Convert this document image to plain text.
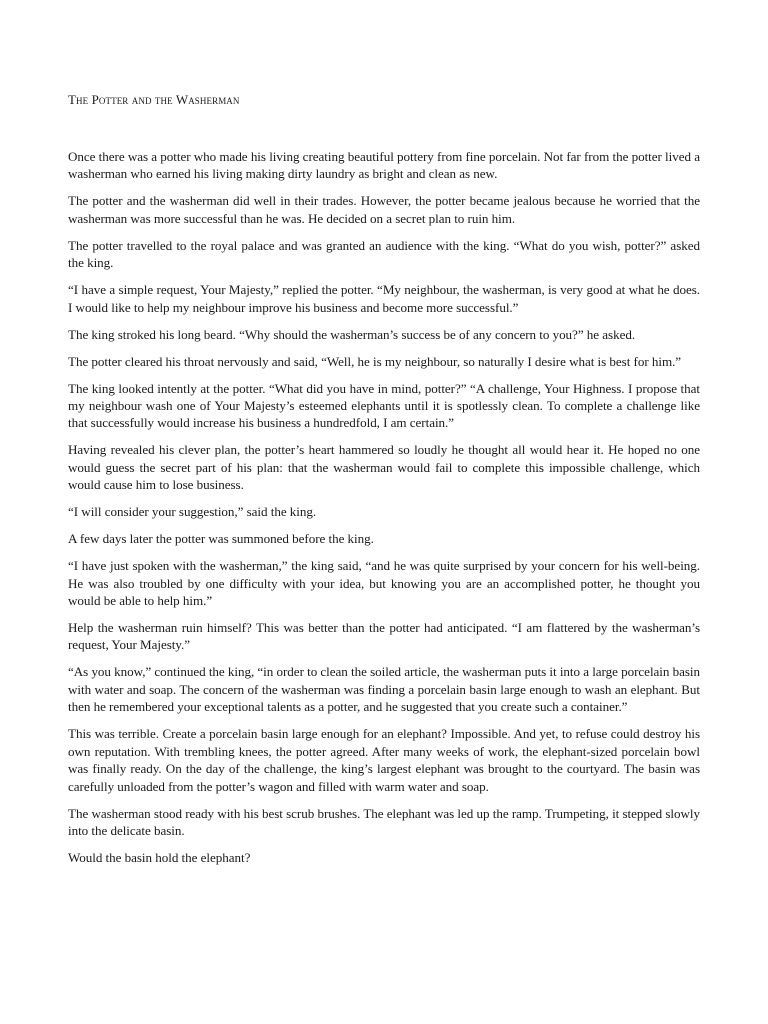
The Potter and the Washerman

Once there was a potter who made his living creating beautiful pottery from fine porcelain. Not far from the potter lived a washerman who earned his living making dirty laundry as bright and clean as new.

The potter and the washerman did well in their trades. However, the potter became jealous because he worried that the washerman was more successful than he was. He decided on a secret plan to ruin him.

The potter travelled to the royal palace and was granted an audience with the king. “What do you wish, potter?” asked the king.

“I have a simple request, Your Majesty,” replied the potter. “My neighbour, the washerman, is very good at what he does. I would like to help my neighbour improve his business and become more successful.”

The king stroked his long beard. “Why should the washerman’s success be of any concern to you?” he asked.

The potter cleared his throat nervously and said, “Well, he is my neighbour, so naturally I desire what is best for him.”

The king looked intently at the potter. “What did you have in mind, potter?” “A challenge, Your Highness. I propose that my neighbour wash one of Your Majesty’s esteemed elephants until it is spotlessly clean. To complete a challenge like that successfully would increase his business a hundredfold, I am certain.”

Having revealed his clever plan, the potter’s heart hammered so loudly he thought all would hear it. He hoped no one would guess the secret part of his plan: that the washerman would fail to complete this impossible challenge, which would cause him to lose business.

“I will consider your suggestion,” said the king.

A few days later the potter was summoned before the king.

“I have just spoken with the washerman,” the king said, “and he was quite surprised by your concern for his well-being. He was also troubled by one difficulty with your idea, but knowing you are an accomplished potter, he thought you would be able to help him.”

Help the washerman ruin himself? This was better than the potter had anticipated. “I am flattered by the washerman’s request, Your Majesty.”

“As you know,” continued the king, “in order to clean the soiled article, the washerman puts it into a large porcelain basin with water and soap. The concern of the washerman was finding a porcelain basin large enough to wash an elephant. But then he remembered your exceptional talents as a potter, and he suggested that you create such a container.”

This was terrible. Create a porcelain basin large enough for an elephant? Impossible. And yet, to refuse could destroy his own reputation. With trembling knees, the potter agreed. After many weeks of work, the elephant-sized porcelain bowl was finally ready. On the day of the challenge, the king’s largest elephant was brought to the courtyard. The basin was carefully unloaded from the potter’s wagon and filled with warm water and soap.

The washerman stood ready with his best scrub brushes. The elephant was led up the ramp. Trumpeting, it stepped slowly into the delicate basin.

Would the basin hold the elephant?
